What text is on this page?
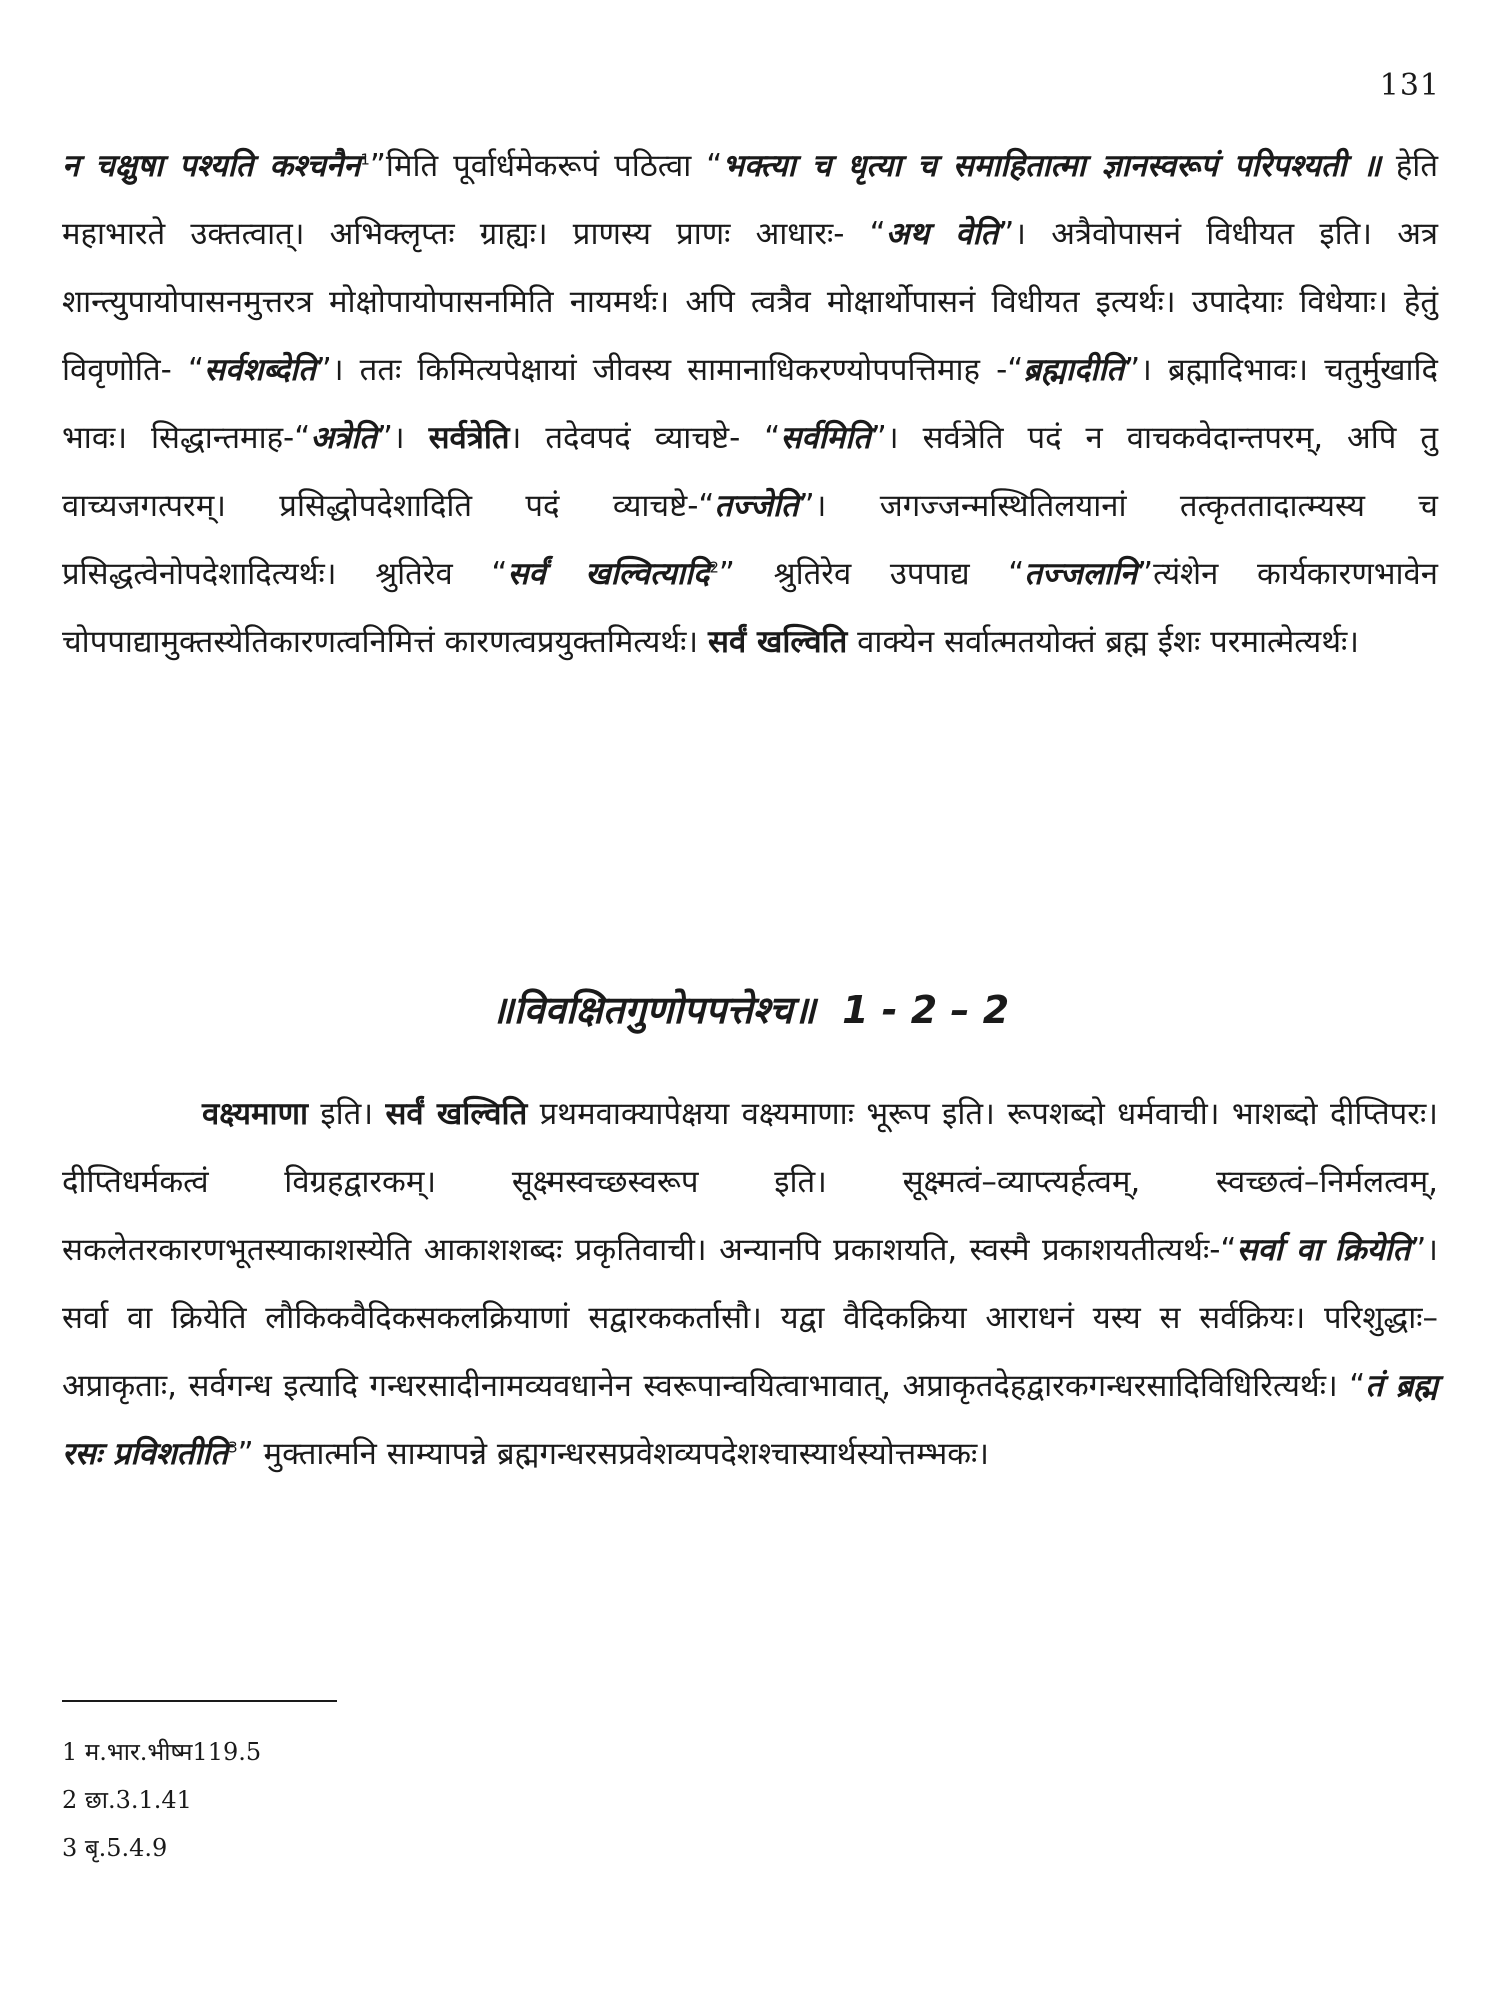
131
न चक्षुषा पश्यति कश्चनैन$^1$”मिति पूर्वार्धमेकरूपं पठित्वा “भक्त्या च धृत्या च समाहितात्मा ज्ञानस्वरूपं परिपश्यती ॥ हेति महाभारते उक्तत्वात्। अभिक्लृप्तः ग्राह्यः। प्राणस्य प्राणः आधारः- “अथ वेति”। अत्रैवोपासनं विधीयत इति। अत्र शान्त्युपायोपासनमुत्तरत्र मोक्षोपायोपासनमिति नायमर्थः। अपि त्वत्रैव मोक्षार्थोपासनं विधीयत इत्यर्थः। उपादेयाः विधेयाः। हेतुं विवृणोति- “सर्वशब्देति”। ततः किमित्यपेक्षायां जीवस्य सामानाधिकरण्योपपत्तिमाह -“ब्रह्मादीति”। ब्रह्मादिभावः। चतुर्मुखादि भावः। सिद्धान्तमाह-“अत्रेति”। सर्वत्रेति। तदेवपदं व्याचष्टे- “सर्वमिति”। सर्वत्रेति पदं न वाचकवेदान्तपरम्, अपि तु वाच्यजगत्परम्। प्रसिद्धोपदेशादिति पदं व्याचष्टे-“तज्जेति”। जगज्जन्मस्थितिलयानां तत्कृततादात्म्यस्य च प्रसिद्धत्वेनोपदेशादित्यर्थः। श्रुतिरेव “सर्वं खल्वित्यादि$^2$” श्रुतिरेव उपपाद्य “तज्जलानि”त्यंशेन कार्यकारणभावेन चोपपाद्यामुक्तस्येतिकारणत्वनिमित्तं कारणत्वप्रयुक्तमित्यर्थः। सर्वं खल्विति वाक्येन सर्वात्मतयोक्तं ब्रह्म ईशः परमात्मेत्यर्थः।
॥विवक्षितगुणोपपत्तेश्च॥ 1 - 2 – 2
वक्ष्यमाणा इति। सर्वं खल्विति प्रथमवाक्यापेक्षया वक्ष्यमाणाः भूरूप इति। रूपशब्दो धर्मवाची। भाशब्दो दीप्तिपरः। दीप्तिधर्मकत्वं विग्रहद्वारकम्। सूक्ष्मस्वच्छस्वरूप इति। सूक्ष्मत्वं–व्याप्त्यर्हत्वम्, स्वच्छत्वं–निर्मलत्वम्, सकलेतरकारणभूतस्याकाशस्येति आकाशशब्दः प्रकृतिवाची। अन्यानपि प्रकाशयति, स्वस्मै प्रकाशयतीत्यर्थः-“सर्वा वा क्रियेति”। सर्वा वा क्रियेति लौकिकवैदिकसकलक्रियाणां सद्वारककर्तासौ। यद्वा वैदिकक्रिया आराधनं यस्य स सर्वक्रियः। परिशुद्धाः–अप्राकृताः, सर्वगन्ध इत्यादि गन्धरसादीनामव्यवधानेन स्वरूपान्वयित्वाभावात्, अप्राकृतदेहद्वारकगन्धरसादिविधिरित्यर्थः। “तं ब्रह्म रसः प्रविशतीति$^3$” मुक्तात्मनि साम्यापन्ने ब्रह्मगन्धरसप्रवेशव्यपदेशश्चास्यार्थस्योत्तम्भकः।
1 म.भार.भीष्म119.5
2 छा.3.1.41
3 बृ.5.4.9
